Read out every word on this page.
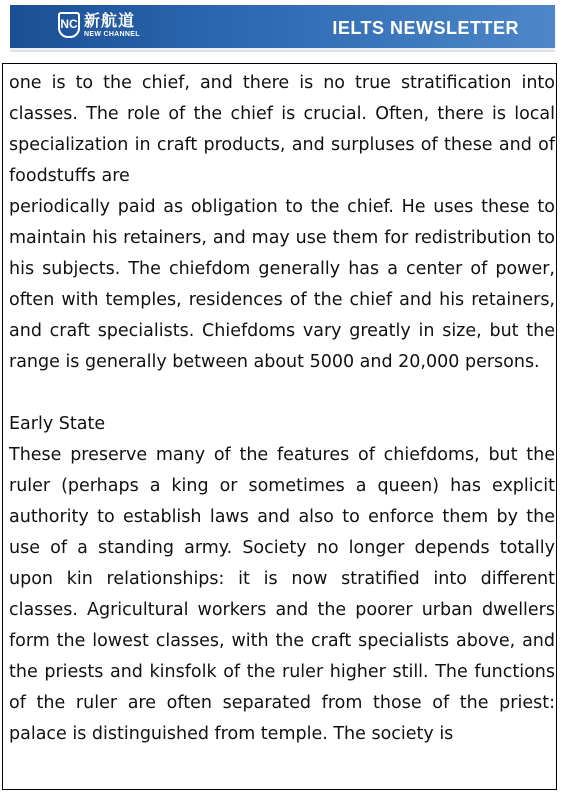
NC 新航道
NEW CHANNEL	IELTS NEWSLETTER

one is to the chief, and there is no true stratification into classes. The role of the chief is crucial. Often, there is local specialization in craft products, and surpluses of these and of foodstuffs are

periodically paid as obligation to the chief. He uses these to maintain his retainers, and may use them for redistribution to his subjects. The chiefdom generally has a center of power, often with temples, residences of the chief and his retainers, and craft specialists. Chiefdoms vary greatly in size, but the range is generally between about 5000 and 20,000 persons.

Early State

These preserve many of the features of chiefdoms, but the ruler (perhaps a king or sometimes a queen) has explicit authority to establish laws and also to enforce them by the use of a standing army. Society no longer depends totally upon kin relationships: it is now stratified into different classes. Agricultural workers and the poorer urban dwellers form the lowest classes, with the craft specialists above, and the priests and kinsfolk of the ruler higher still. The functions of the ruler are often separated from those of the priest: palace is distinguished from temple. The society is
